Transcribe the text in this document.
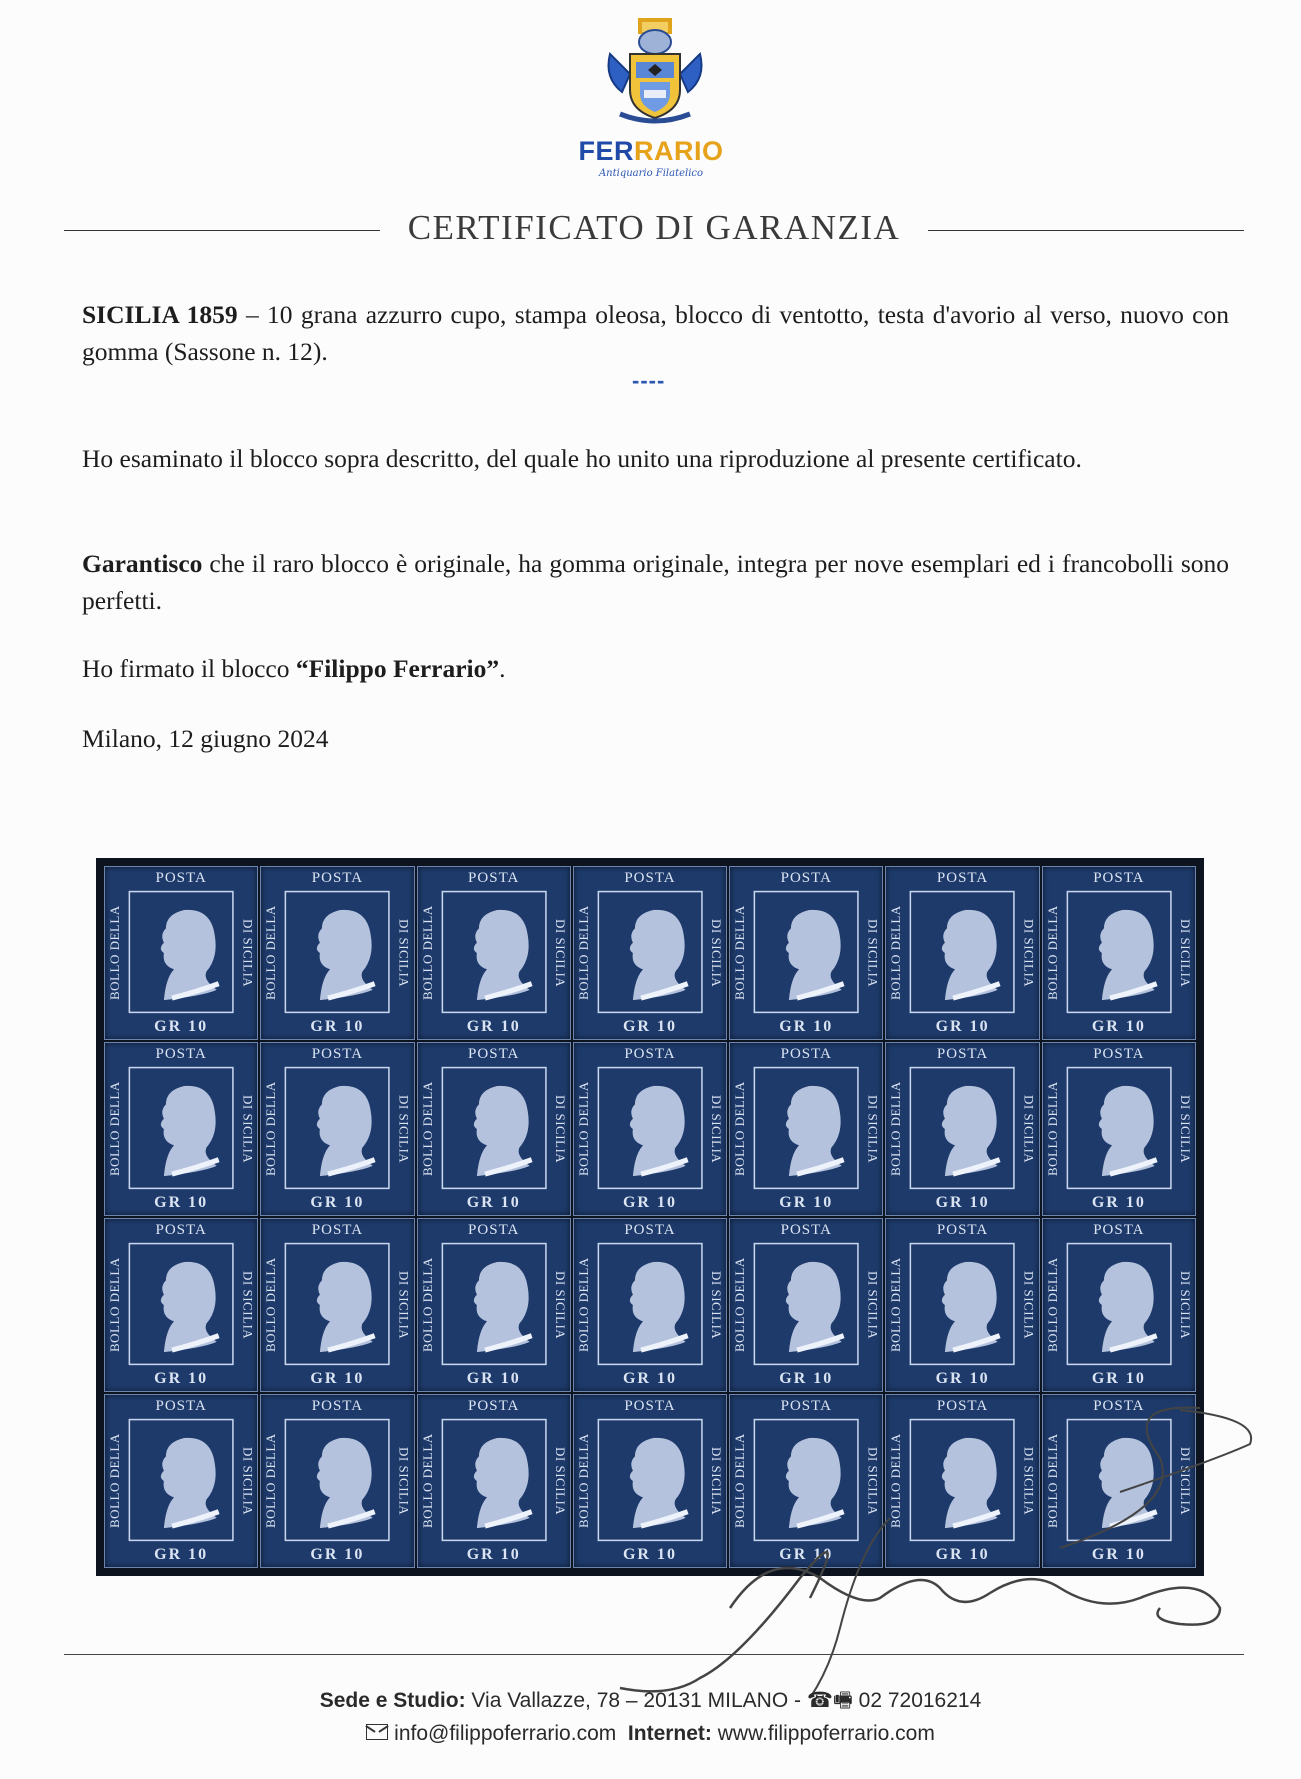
FERRARIO
Antiquario Filatelico
CERTIFICATO DI GARANZIA
SICILIA 1859 – 10 grana azzurro cupo, stampa oleosa, blocco di ventotto, testa d'avorio al verso, nuovo con gomma (Sassone n. 12).
----
Ho esaminato il blocco sopra descritto, del quale ho unito una riproduzione al presente certificato.
Garantisco che il raro blocco è originale, ha gomma originale, integra per nove esemplari ed i francobolli sono perfetti.
Ho firmato il blocco “Filippo Ferrario”.
Milano, 12 giugno 2024
POSTA
BOLLO DELLA	DI SICILIA
GR 10
POSTA
BOLLO DELLA	DI SICILIA
GR 10
POSTA
BOLLO DELLA	DI SICILIA
GR 10
POSTA
BOLLO DELLA	DI SICILIA
GR 10
POSTA
BOLLO DELLA	DI SICILIA
GR 10
POSTA
BOLLO DELLA	DI SICILIA
GR 10
POSTA
BOLLO DELLA	DI SICILIA
GR 10
POSTA
BOLLO DELLA	DI SICILIA
GR 10
POSTA
BOLLO DELLA	DI SICILIA
GR 10
POSTA
BOLLO DELLA	DI SICILIA
GR 10
POSTA
BOLLO DELLA	DI SICILIA
GR 10
POSTA
BOLLO DELLA	DI SICILIA
GR 10
POSTA
BOLLO DELLA	DI SICILIA
GR 10
POSTA
BOLLO DELLA	DI SICILIA
GR 10
POSTA
BOLLO DELLA	DI SICILIA
GR 10
POSTA
BOLLO DELLA	DI SICILIA
GR 10
POSTA
BOLLO DELLA	DI SICILIA
GR 10
POSTA
BOLLO DELLA	DI SICILIA
GR 10
POSTA
BOLLO DELLA	DI SICILIA
GR 10
POSTA
BOLLO DELLA	DI SICILIA
GR 10
POSTA
BOLLO DELLA	DI SICILIA
GR 10
POSTA
BOLLO DELLA	DI SICILIA
GR 10
POSTA
BOLLO DELLA	DI SICILIA
GR 10
POSTA
BOLLO DELLA	DI SICILIA
GR 10
POSTA
BOLLO DELLA	DI SICILIA
GR 10
POSTA
BOLLO DELLA	DI SICILIA
GR 10
POSTA
BOLLO DELLA	DI SICILIA
GR 10
POSTA
BOLLO DELLA	DI SICILIA
GR 10
Sede e Studio: Via Vallazze, 78 – 20131 MILANO - ☎🖷 02 72016214
info@filippoferrario.com Internet: www.filippoferrario.com
